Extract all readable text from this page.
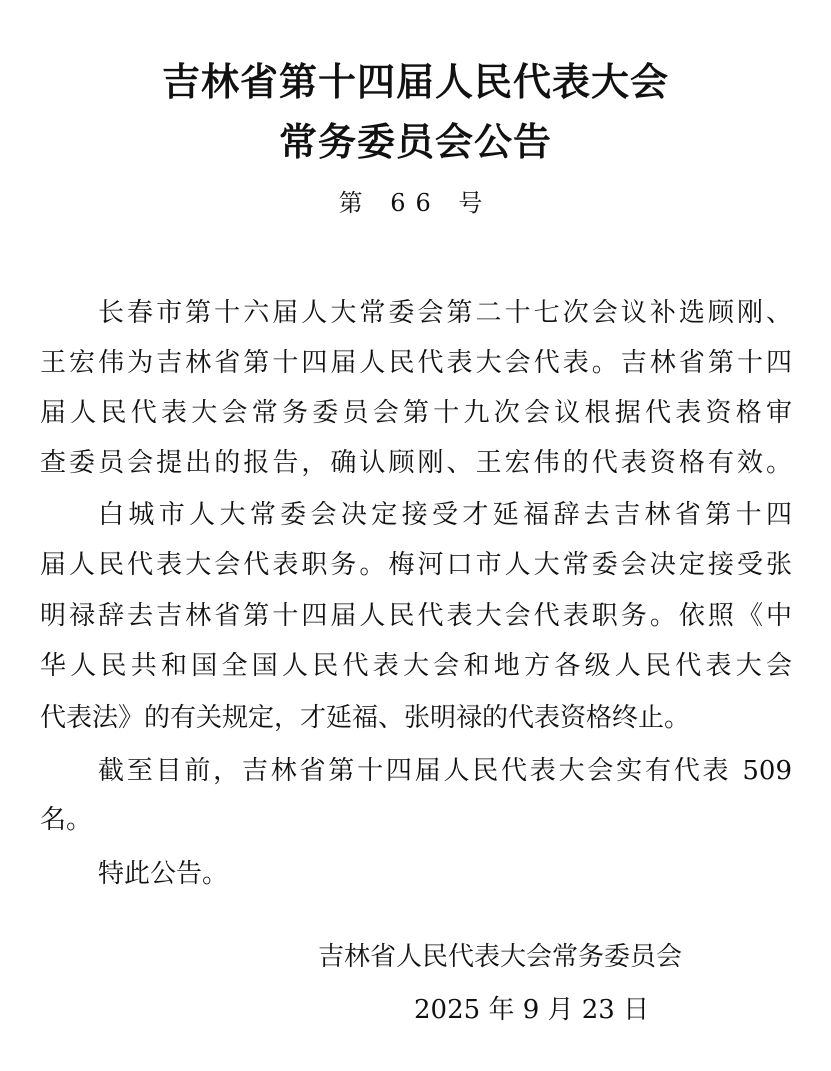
吉林省第十四届人民代表大会
常务委员会公告
第 66 号
长春市第十六届人大常委会第二十七次会议补选顾刚、
王宏伟为吉林省第十四届人民代表大会代表。吉林省第十四
届人民代表大会常务委员会第十九次会议根据代表资格审
查委员会提出的报告，确认顾刚、王宏伟的代表资格有效。
白城市人大常委会决定接受才延福辞去吉林省第十四
届人民代表大会代表职务。梅河口市人大常委会决定接受张
明禄辞去吉林省第十四届人民代表大会代表职务。依照《中
华人民共和国全国人民代表大会和地方各级人民代表大会
代表法》的有关规定，才延福、张明禄的代表资格终止。
截至目前，吉林省第十四届人民代表大会实有代表 509
名。
特此公告。
吉林省人民代表大会常务委员会
2025 年 9 月 23 日
